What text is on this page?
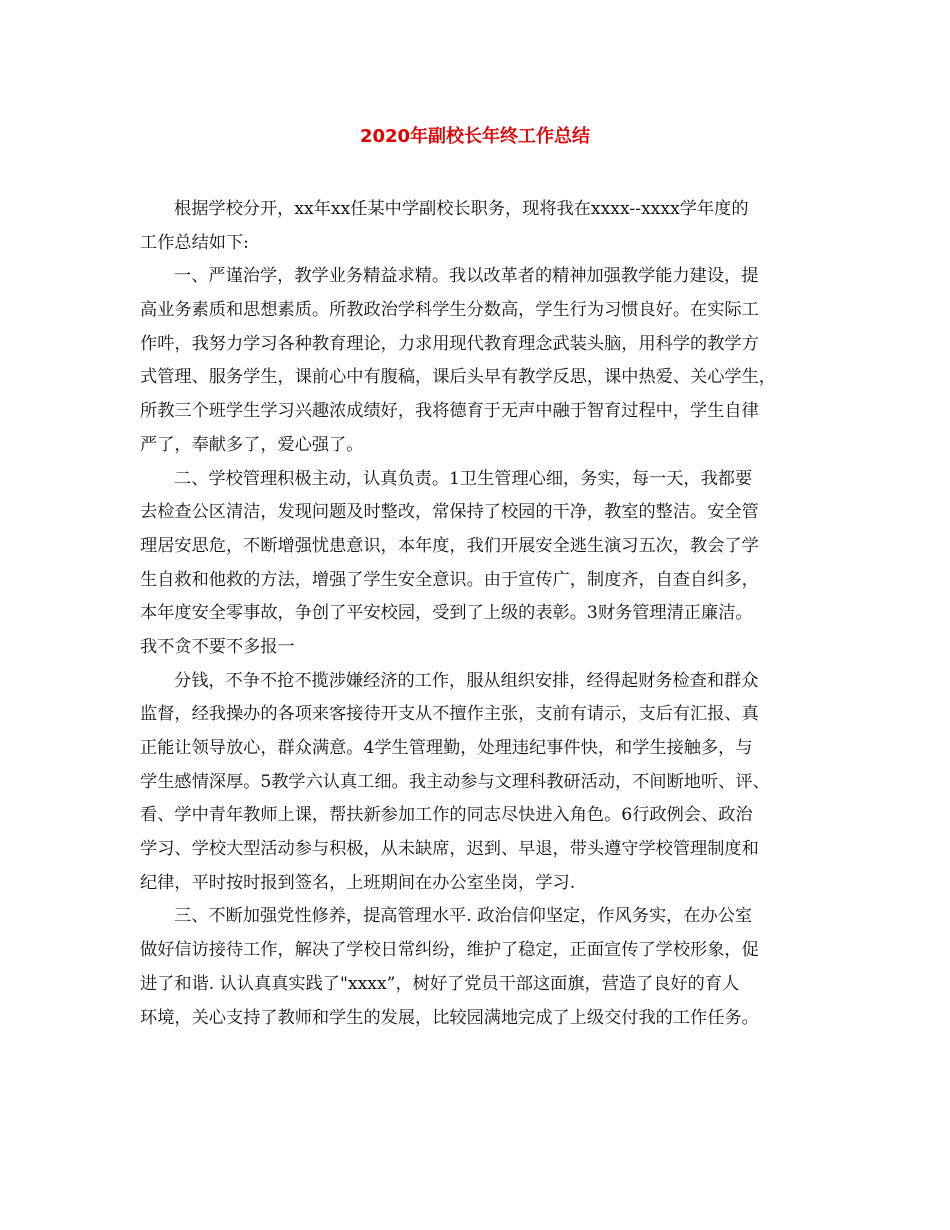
2020年副校长年终工作总结
根据学校分开，xx年xx任某中学副校长职务，现将我在xxxx--xxxx学年度的
工作总结如下:
一、严谨治学，教学业务精益求精。我以改革者的精神加强教学能力建设，提
高业务素质和思想素质。所教政治学科学生分数高，学生行为习惯良好。在实际工
作吽，我努力学习各种教育理论，力求用现代教育理念武装头脑，用科学的教学方
式管理、服务学生，课前心中有腹稿，课后头早有教学反思，课中热爱、关心学生，
所教三个班学生学习兴趣浓成绩好，我将德育于无声中融于智育过程中，学生自律
严了，奉献多了，爱心强了。
二、学校管理积极主动，认真负责。1卫生管理心细，务实，每一天，我都要
去检查公区清洁，发现问题及时整改，常保持了校园的干净，教室的整洁。安全管
理居安思危，不断增强忧患意识，本年度，我们开展安全逃生演习五次，教会了学
生自救和他救的方法，增强了学生安全意识。由于宣传广，制度齐，自查自纠多，
本年度安全零事故，争创了平安校园，受到了上级的表彰。3财务管理清正廉洁。
我不贪不要不多报一
分钱，不争不抢不揽涉嫌经济的工作，服从组织安排，经得起财务检查和群众
监督，经我操办的各项来客接待开支从不擅作主张，支前有请示，支后有汇报、真
正能让领导放心，群众满意。4学生管理勤，处理违纪事件快，和学生接触多，与
学生感情深厚。5教学六认真工细。我主动参与文理科教研活动，不间断地听、评、
看、学中青年教师上课，帮扶新参加工作的同志尽快进入角色。6行政例会、政治
学习、学校大型活动参与积极，从未缺席，迟到、早退，带头遵守学校管理制度和
纪律，平时按时报到签名，上班期间在办公室坐岗，学习.
三、不断加强党性修养，提高管理水平. 政治信仰坚定，作风务实，在办公室
做好信访接待工作，解决了学校日常纠纷，维护了稳定，正面宣传了学校形象，促
进了和谐. 认认真真实践了"xxxx”，树好了党员干部这面旗，营造了良好的育人
环境，关心支持了教师和学生的发展，比较园满地完成了上级交付我的工作任务。
